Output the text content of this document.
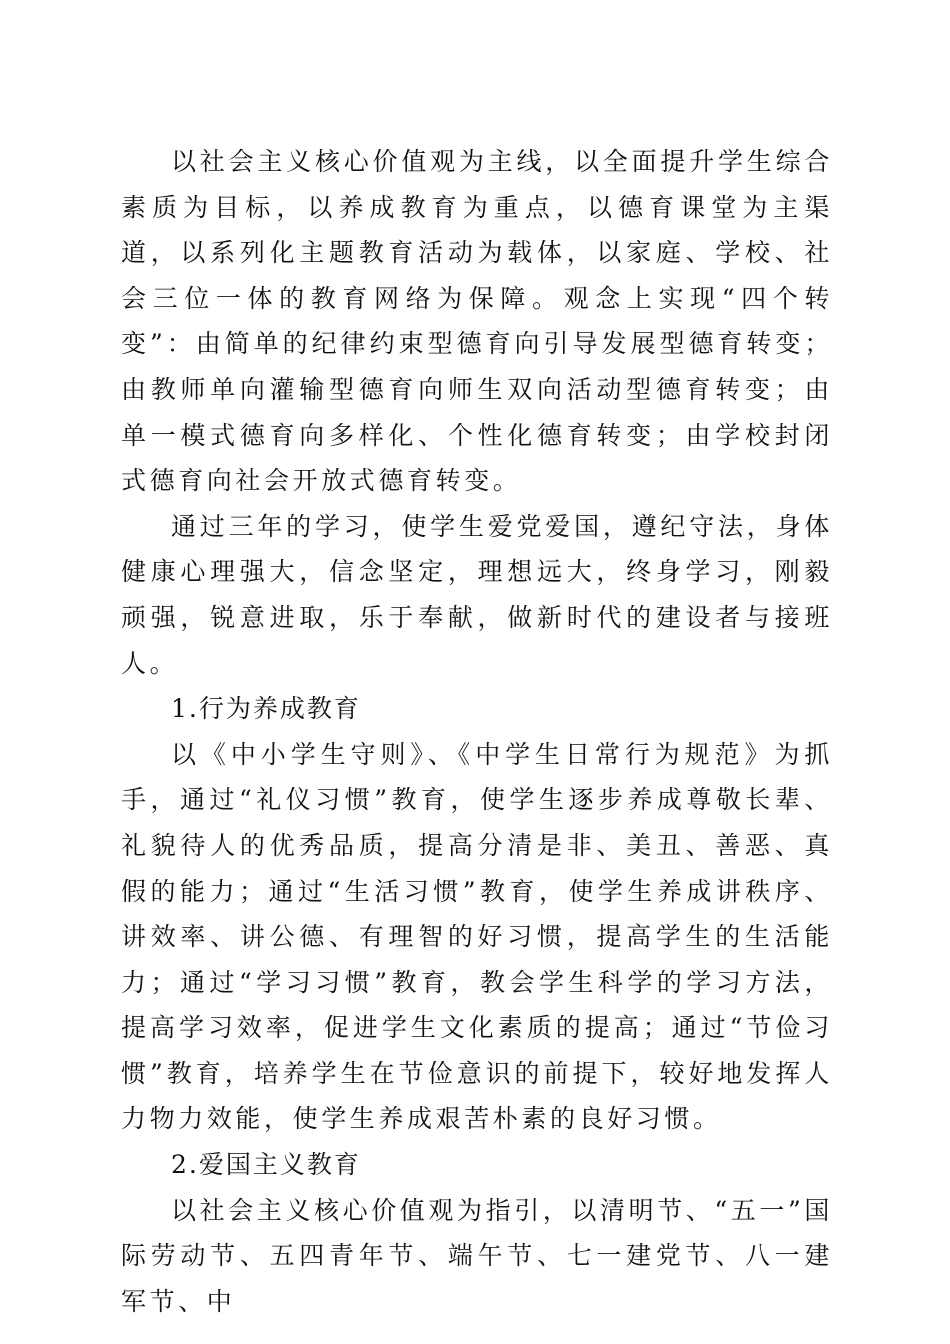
以社会主义核心价值观为主线，以全面提升学生综合素质为目标，以养成教育为重点，以德育课堂为主渠道，以系列化主题教育活动为载体，以家庭、学校、社会三位一体的教育网络为保障。观念上实现“四个转变”：由简单的纪律约束型德育向引导发展型德育转变；由教师单向灌输型德育向师生双向活动型德育转变；由单一模式德育向多样化、个性化德育转变；由学校封闭式德育向社会开放式德育转变。

通过三年的学习，使学生爱党爱国，遵纪守法，身体健康心理强大，信念坚定，理想远大，终身学习，刚毅顽强，锐意进取，乐于奉献，做新时代的建设者与接班人。

1.行为养成教育

以《中小学生守则》、《中学生日常行为规范》为抓手，通过“礼仪习惯”教育，使学生逐步养成尊敬长辈、礼貌待人的优秀品质，提高分清是非、美丑、善恶、真假的能力；通过“生活习惯”教育，使学生养成讲秩序、讲效率、讲公德、有理智的好习惯，提高学生的生活能力；通过“学习习惯”教育，教会学生科学的学习方法，提高学习效率，促进学生文化素质的提高；通过“节俭习惯”教育，培养学生在节俭意识的前提下，较好地发挥人力物力效能，使学生养成艰苦朴素的良好习惯。

2.爱国主义教育

以社会主义核心价值观为指引，以清明节、“五一”国际劳动节、五四青年节、端午节、七一建党节、八一建军节、中
